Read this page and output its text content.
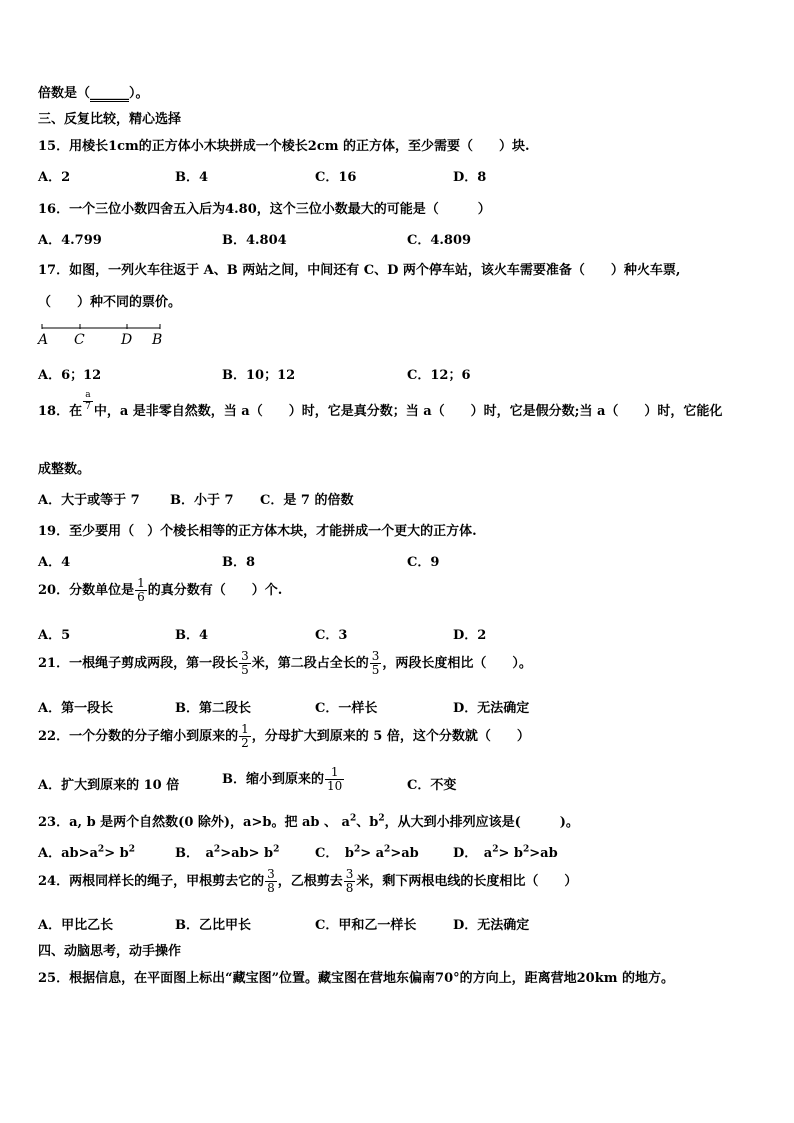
倍数是（______）。
三、反复比较，精心选择
15．用棱长1cm的正方体小木块拼成一个棱长2cm 的正方体，至少需要（　　）块.
A．2	B．4	C．16	D．8
16．一个三位小数四舍五入后为4.80，这个三位小数最大的可能是（　　　）
A．4.799	B．4.804	C．4.809
17．如图，一列火车往返于 A、B 两站之间，中间还有 C、D 两个停车站，该火车需要准备（　　）种火车票,
（　　）种不同的票价。
A C	D B
A．6；12	B．10；12	C．12；6
18．在 $\frac{a}{7}$ 中，a 是非零自然数，当 a（　　）时，它是真分数；当 a（　　）时，它是假分数;当 a（　　）时，它能化
成整数。
A．大于或等于 7 B．小于 7 C．是 7 的倍数
19．至少要用（　）个棱长相等的正方体木块，才能拼成一个更大的正方体.
A．4	B．8	C．9
20．分数单位是 $\frac{1}{6}$ 的真分数有（　　）个.
A．5	B．4	C．3	D．2
21．一根绳子剪成两段，第一段长 $\frac{3}{5}$ 米，第二段占全长的 $\frac{3}{5}$ ，两段长度相比（　　）。
A．第一段长	B．第二段长	C．一样长	D．无法确定
22．一个分数的分子缩小到原来的 $\frac{1}{2}$ ，分母扩大到原来的 5 倍，这个分数就（　　）
A．扩大到原来的 10 倍	B．缩小到原来的 $\frac{1}{10}$	C．不变
23．a, b 是两个自然数(0 除外)，a>b。把 ab 、 $a^2$、$b^2$，从大到小排列应该是(　　　)。
A．$ab>a^2> b^2$	B．　$a^2>ab> b^2$	C．　$b^2> a^2>ab$	D．　$a^2> b^2>ab$
24．两根同样长的绳子，甲根剪去它的 $\frac{3}{8}$ ，乙根剪去 $\frac{3}{8}$ 米，剩下两根电线的长度相比（　　）
A．甲比乙长	B．乙比甲长	C．甲和乙一样长	D．无法确定
四、动脑思考，动手操作
25．根据信息，在平面图上标出“藏宝图”位置。藏宝图在营地东偏南70°的方向上，距离营地20km 的地方。
